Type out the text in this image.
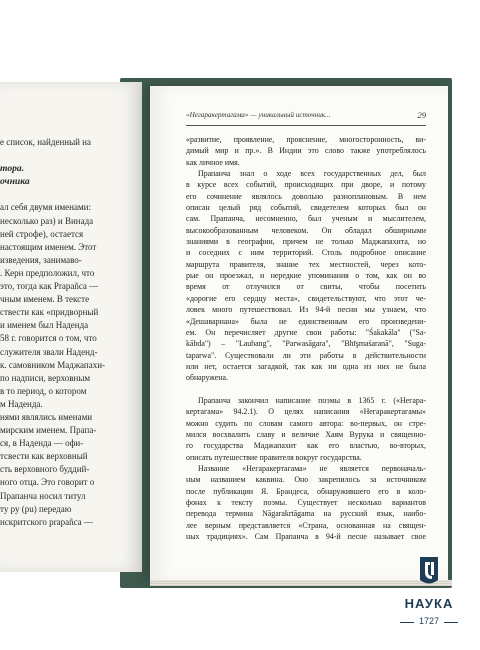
е список, найденный на
тора.
очника
ал себя двумя именами:
несколько раз) и Винада
ней строфе), остается
настоящим именем. Этот
изведения, занимаво-
. Керн предположил, что
это, тогда как Prapañca —
чным именем. В тексте
ствести как «придворный
и именем был Наденда
58 г. говорится о том, что
служителя звали Наденд-
к. самовником Маджапахи-
по надписи, верховным
в то период, о котором
м Наденда.
нями являлись именами
мирским именем. Прапа-
ся, в Наденда — офи-
тсвести как верховный
сть верховного буддий-
ного отца. Это говорит о
Прапанча носил титул
ту ру (рu) передаю
нскритского prapañca —
«Негаракертагама» — уникальный источник...	29
«развитие, проявление, прояснение, многосторонность, ви-
димый мир и пр.». В Индии это слово также употреблялось
как личное имя.
Прапанча знал о ходе всех государственных дел, был
в курсе всех событий, происходящих при дворе, и потому
его сочинение являлось довольно разноплановым. В нем
описан целый ряд событий, свидетелем которых был он
сам. Прапанча, несомненно, был ученым и мыслителем,
высокообразованным человеком. Он обладал обширными
знаниями в географии, причем не только Маджапахита, но
и соседних с ним территорий. Столь подробное описание
маршрута правителя, знание тех местностей, через кото-
рые он проезжал, и нередкие упоминания о том, как он во
время от отлучился от свиты, чтобы посетить
«дорогие его сердцу места», свидетельствуют, что этот че-
ловек много путешествовал. Из 94-й песни мы узнаем, что
«Дешаварнана» была не единственным его произведени-
ем. Он перечисляет другие свои работы: "Śakakāla" ("Sa-
kābda") – "Laubang", "Parwasāgara", "Bhīşmaśaranā", "Suga-
taparwa". Существовали ли эти работы в действительности
или нет, остается загадкой, так как ни одна из них не была
обнаружена.
Прапанча закончил написание поэмы в 1365 г. («Негара-
кертагама» 94.2.1). О целях написания «Негаракертагамы»
можно судить по словам самого автора: во-первых, он стре-
мился восхвалить славу и величие Хаям Вурука и священно-
го государства Маджапахит как его властью, во-вторых,
описать путешествие правителя вокруг государства.
Название «Негаракертагама» не является первоначаль-
ным названием каквина. Оно закрепилось за источником
после публикации Я. Брандеса, обнаружившего его в коло-
фонах к тексту поэмы. Существует несколько вариантов
перевода термина Nāgarakrtāgama на русский язык, наибо-
лее верным представляется «Страна, основанная на священ-
ных традициях». Сам Прапанча в 94-й песне называет свое
НАУКА
1727
